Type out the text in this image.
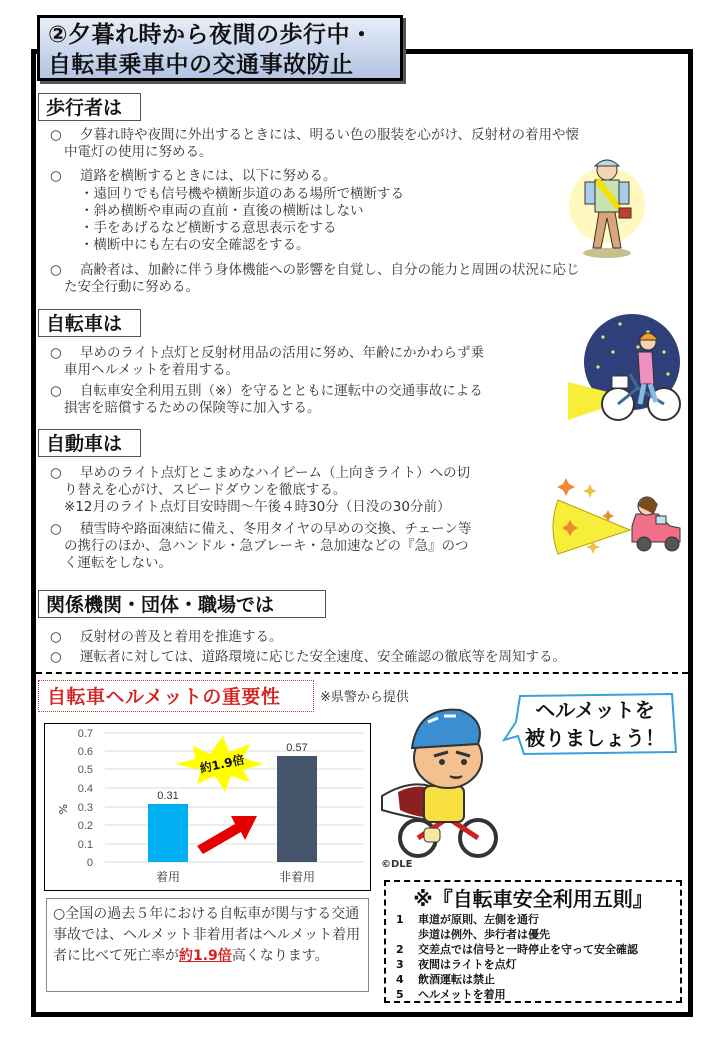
②夕暮れ時から夜間の歩行中・
自転車乗車中の交通事故防止
歩行者は
○ 夕暮れ時や夜間に外出するときには、明るい色の服装を心がけ、反射材の着用や懐
中電灯の使用に努める。
○ 道路を横断するときには、以下に努める。
・遠回りでも信号機や横断歩道のある場所で横断する
・斜め横断や車両の直前・直後の横断はしない
・手をあげるなど横断する意思表示をする
・横断中にも左右の安全確認をする。
○ 高齢者は、加齢に伴う身体機能への影響を自覚し、自分の能力と周囲の状況に応じ
た安全行動に努める。
自転車は
○ 早めのライト点灯と反射材用品の活用に努め、年齢にかかわらず乗
車用ヘルメットを着用する。
○ 自転車安全利用五則（※）を守るとともに運転中の交通事故による
損害を賠償するための保険等に加入する。
自動車は
○ 早めのライト点灯とこまめなハイビーム（上向きライト）への切
り替えを心がけ、スピードダウンを徹底する。
※12月のライト点灯目安時間〜午後４時30分（日没の30分前）
○ 積雪時や路面凍結に備え、冬用タイヤの早めの交換、チェーン等
の携行のほか、急ハンドル・急ブレーキ・急加速などの『急』のつ
く運転をしない。
関係機関・団体・職場では
○ 反射材の普及と着用を推進する。
○ 運転者に対しては、道路環境に応じた安全速度、安全確認の徹底等を周知する。
自転車ヘルメットの重要性	※県警から提供
0
0.1
0.2
0.3
0.4
0.5
0.6
0.7
%
0.31
0.57
着用	非着用
約1.9倍
○全国の過去５年における自転車が関与する交通事故では、ヘルメット非着用者はヘルメット着用者に比べて死亡率が約1.9倍高くなります。
©DLE
ヘルメットを
被りましょう！
※『自転車安全利用五則』
1	車道が原則、左側を通行
歩道は例外、歩行者は優先
2	交差点では信号と一時停止を守って安全確認
3	夜間はライトを点灯
4	飲酒運転は禁止
5	ヘルメットを着用
